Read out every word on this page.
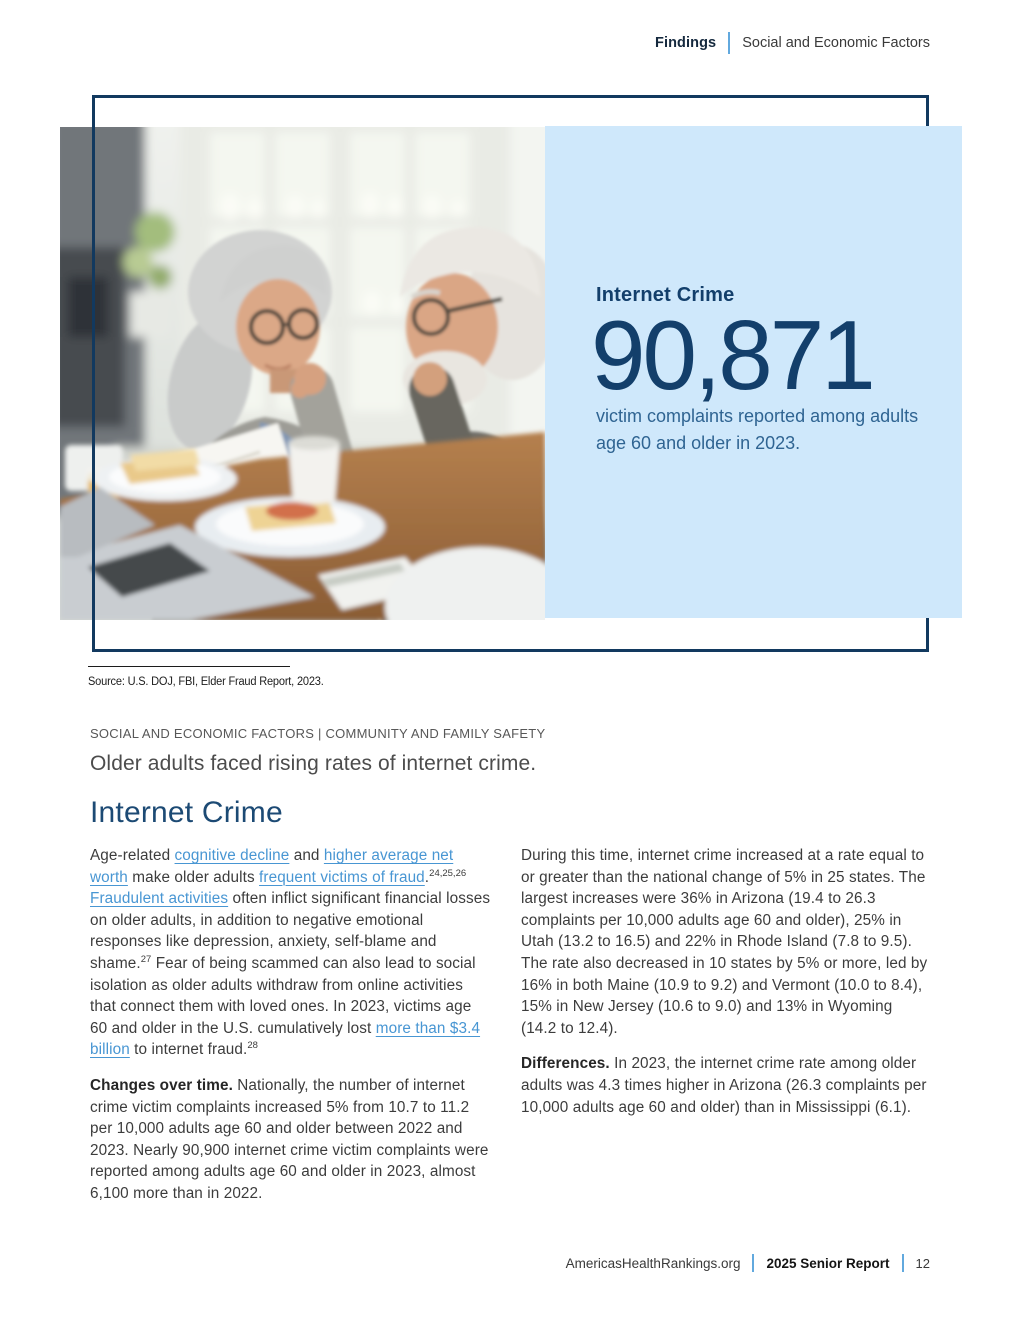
Findings Social and Economic Factors
Internet Crime
90,871
victim complaints reported among adults age 60 and older in 2023.
Source: U.S. DOJ, FBI, Elder Fraud Report, 2023.
SOCIAL AND ECONOMIC FACTORS | COMMUNITY AND FAMILY SAFETY
Older adults faced rising rates of internet crime.
Internet Crime

Age-related cognitive decline and higher average net worth make older adults frequent victims of fraud.$^{24,25,26}$ Fraudulent activities often inflict significant financial losses on older adults, in addition to negative emotional responses like depression, anxiety, self-blame and shame.$^{27}$ Fear of being scammed can also lead to social isolation as older adults withdraw from online activities that connect them with loved ones. In 2023, victims age 60 and older in the U.S. cumulatively lost more than $3.4 billion to internet fraud.$^{28}$

Changes over time. Nationally, the number of internet crime victim complaints increased 5% from 10.7 to 11.2 per 10,000 adults age 60 and older between 2022 and 2023. Nearly 90,900 internet crime victim complaints were reported among adults age 60 and older in 2023, almost 6,100 more than in 2022.

During this time, internet crime increased at a rate equal to or greater than the national change of 5% in 25 states. The largest increases were 36% in Arizona (19.4 to 26.3 complaints per 10,000 adults age 60 and older), 25% in Utah (13.2 to 16.5) and 22% in Rhode Island (7.8 to 9.5). The rate also decreased in 10 states by 5% or more, led by 16% in both Maine (10.9 to 9.2) and Vermont (10.0 to 8.4), 15% in New Jersey (10.6 to 9.0) and 13% in Wyoming (14.2 to 12.4).

Differences. In 2023, the internet crime rate among older adults was 4.3 times higher in Arizona (26.3 complaints per 10,000 adults age 60 and older) than in Mississippi (6.1).

AmericasHealthRankings.org 2025 Senior Report 12
